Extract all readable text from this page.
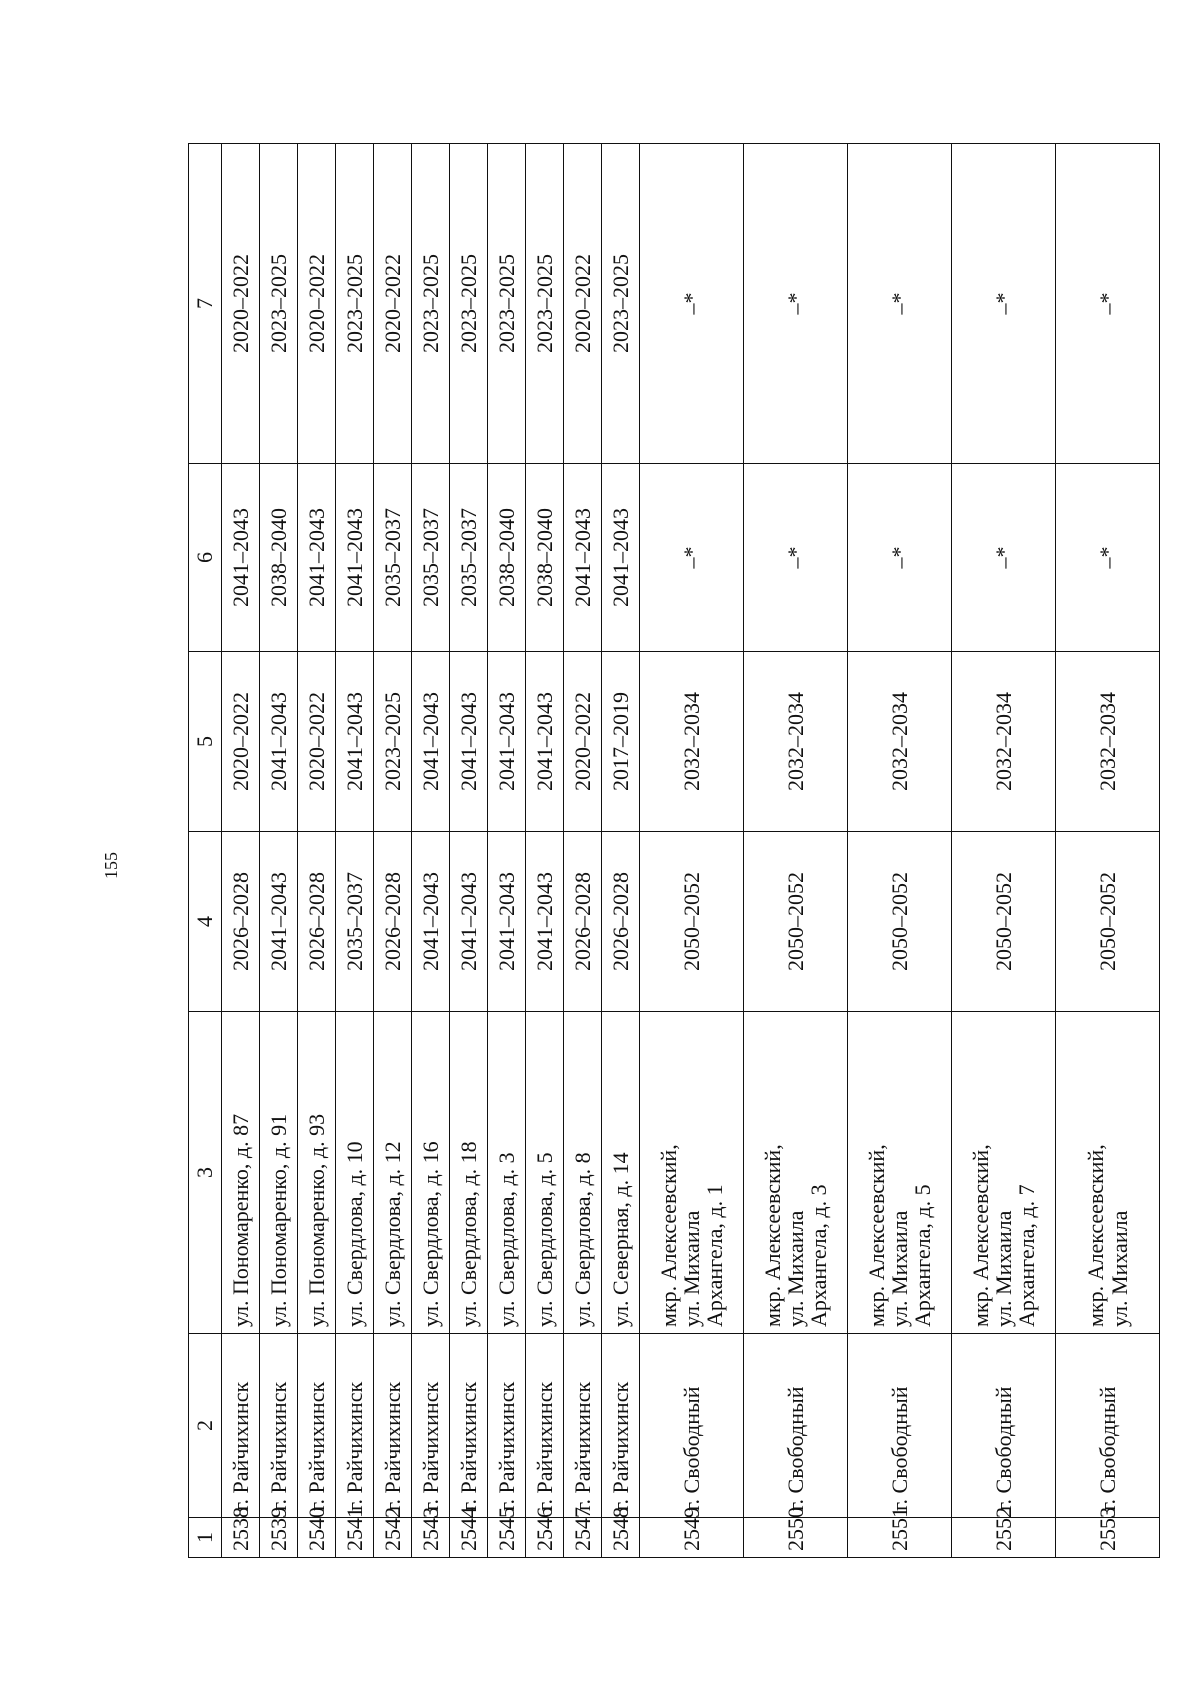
155
1	2	3	4	5	6	7
2538	г. Райчихинск	ул. Пономаренко, д. 87	2026–2028	2020–2022	2041–2043	2020–2022
2539	г. Райчихинск	ул. Пономаренко, д. 91	2041–2043	2041–2043	2038–2040	2023–2025
2540	г. Райчихинск	ул. Пономаренко, д. 93	2026–2028	2020–2022	2041–2043	2020–2022
2541	г. Райчихинск	ул. Свердлова, д. 10	2035–2037	2041–2043	2041–2043	2023–2025
2542	г. Райчихинск	ул. Свердлова, д. 12	2026–2028	2023–2025	2035–2037	2020–2022
2543	г. Райчихинск	ул. Свердлова, д. 16	2041–2043	2041–2043	2035–2037	2023–2025
2544	г. Райчихинск	ул. Свердлова, д. 18	2041–2043	2041–2043	2035–2037	2023–2025
2545	г. Райчихинск	ул. Свердлова, д. 3	2041–2043	2041–2043	2038–2040	2023–2025
2546	г. Райчихинск	ул. Свердлова, д. 5	2041–2043	2041–2043	2038–2040	2023–2025
2547	г. Райчихинск	ул. Свердлова, д. 8	2026–2028	2020–2022	2041–2043	2020–2022
2548	г. Райчихинск	ул. Северная, д. 14	2026–2028	2017–2019	2041–2043	2023–2025
2549	г. Свободный	мкр. Алексеевский,
ул. Михаила
Архангела, д. 1	2050–2052	2032–2034	–*	–*
2550	г. Свободный	мкр. Алексеевский,
ул. Михаила
Архангела, д. 3	2050–2052	2032–2034	–*	–*
2551	г. Свободный	мкр. Алексеевский,
ул. Михаила
Архангела, д. 5	2050–2052	2032–2034	–*	–*
2552	г. Свободный	мкр. Алексеевский,
ул. Михаила
Архангела, д. 7	2050–2052	2032–2034	–*	–*
2553	г. Свободный	мкр. Алексеевский,
ул. Михаила	2050–2052	2032–2034	–*	–*
